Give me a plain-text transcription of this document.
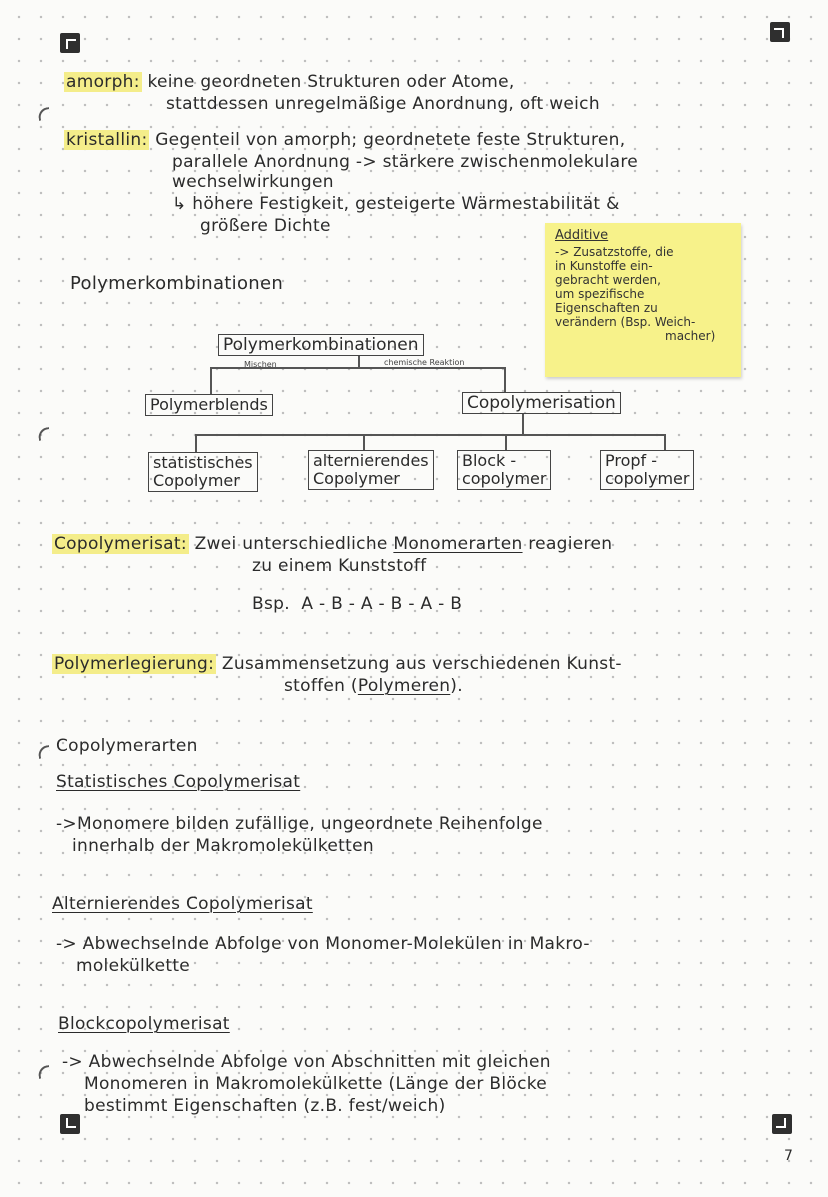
amorph: keine geordneten Strukturen oder Atome,
stattdessen unregelmäßige Anordnung, oft weich
kristallin: Gegenteil von amorph; geordnetete feste Strukturen,
parallele Anordnung -> stärkere zwischenmolekulare
wechselwirkungen
↳ höhere Festigkeit, gesteigerte Wärmestabilität &
größere Dichte
Polymerkombinationen
Additive
-> Zusatzstoffe, die
in Kunstoffe ein-
gebracht werden,
um spezifische
Eigenschaften zu
verändern (Bsp. Weich-
macher)
Polymerkombinationen
Mischen	chemische Reaktion
Polymerblends	Copolymerisation
statistisches
Copolymer
alternierendes
Copolymer
Block -
copolymer
Propf -
copolymer
Copolymerisat: Zwei unterschiedliche Monomerarten reagieren
zu einem Kunststoff
Bsp.  A - B - A - B - A - B
Polymerlegierung: Zusammensetzung aus verschiedenen Kunst-
stoffen (Polymeren).
Copolymerarten
Statistisches Copolymerisat
->Monomere bilden zufällige, ungeordnete Reihenfolge
innerhalb der Makromolekülketten
Alternierendes Copolymerisat
-> Abwechselnde Abfolge von Monomer-Molekülen in Makro-
molekülkette
Blockcopolymerisat
-> Abwechselnde Abfolge von Abschnitten mit gleichen
Monomeren in Makromolekülkette (Länge der Blöcke
bestimmt Eigenschaften (z.B. fest/weich)
7
